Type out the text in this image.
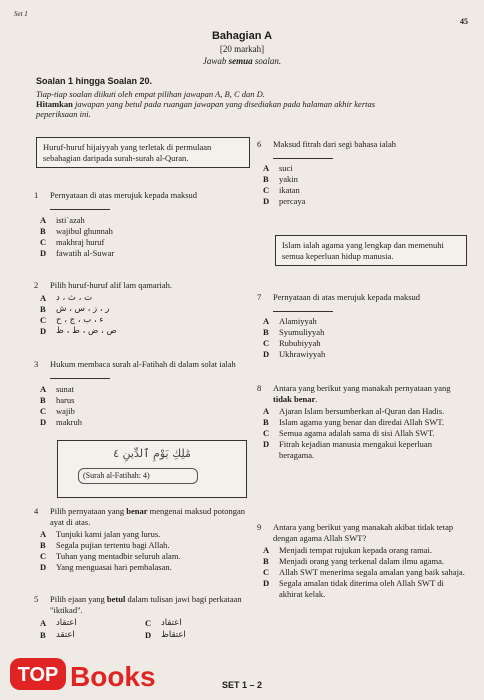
Set 1
45
Bahagian A
[20 markah]
Jawab semua soalan.
Soalan 1 hingga Soalan 20.
Tiap-tiap soalan diikuti oleh empat pilihan jawapan A, B, C dan D.
Hitamkan jawapan yang betul pada ruangan jawapan yang disediakan pada halaman akhir kertas
peperiksaan ini.
Huruf-huruf hijaiyyah yang terletak di permulaan sebahagian daripada surah-surah al-Quran.
1 Pernyataan di atas merujuk kepada maksud
A isti`azah
B wajibul ghunnah
C makhraj huruf
D fawatih al-Suwar
2 Pilih huruf-huruf alif lam qamariah.
A ت ، ث ، د
B ر ، ز ، س ، ش
C ء ، ب ، ج ، ح
D ص ، ض ، ط ، ظ
3 Hukum membaca surah al-Fatihah di dalam solat ialah
A sunat
B harus
C wajib
D makruh
مَٰلِكِ يَوْمِ ٱلدِّينِ ٤
(Surah al-Fatihah: 4)
4 Pilih pernyataan yang benar mengenai maksud potongan ayat di atas.
A Tunjuki kami jalan yang lurus.
B Segala pujian tertentu bagi Allah.
C Tuhan yang mentadbir seluruh alam.
D Yang menguasai hari pembalasan.
5 Pilih ejaan yang betul dalam tulisan jawi bagi perkataan "iktikad".
A اعتقاد	C اعتقاد
B اعتقد	D اعتقاظ
6 Maksud fitrah dari segi bahasa ialah
A suci
B yakin
C ikatan
D percaya
Islam ialah agama yang lengkap dan memenuhi semua keperluan hidup manusia.
7 Pernyataan di atas merujuk kepada maksud
A Alamiyyah
B Syumuliyyah
C Rububiyyah
D Ukhrawiyyah
8 Antara yang berikut yang manakah pernyataan yang tidak benar.
A Ajaran Islam bersumberkan al-Quran dan Hadis.
B Islam agama yang benar dan diredai Allah SWT.
C Semua agama adalah sama di sisi Allah SWT.
D Fitrah kejadian manusia mengakui keperluan beragama.
9 Antara yang berikut yang manakah akibat tidak tetap dengan agama Allah SWT?
A Menjadi tempat rujukan kepada orang ramai.
B Menjadi orang yang terkenal dalam ilmu agama.
C Allah SWT menerima segala amalan yang baik sahaja.
D Segala amalan tidak diterima oleh Allah SWT di akhirat kelak.
SET 1 – 2
TOP Books
